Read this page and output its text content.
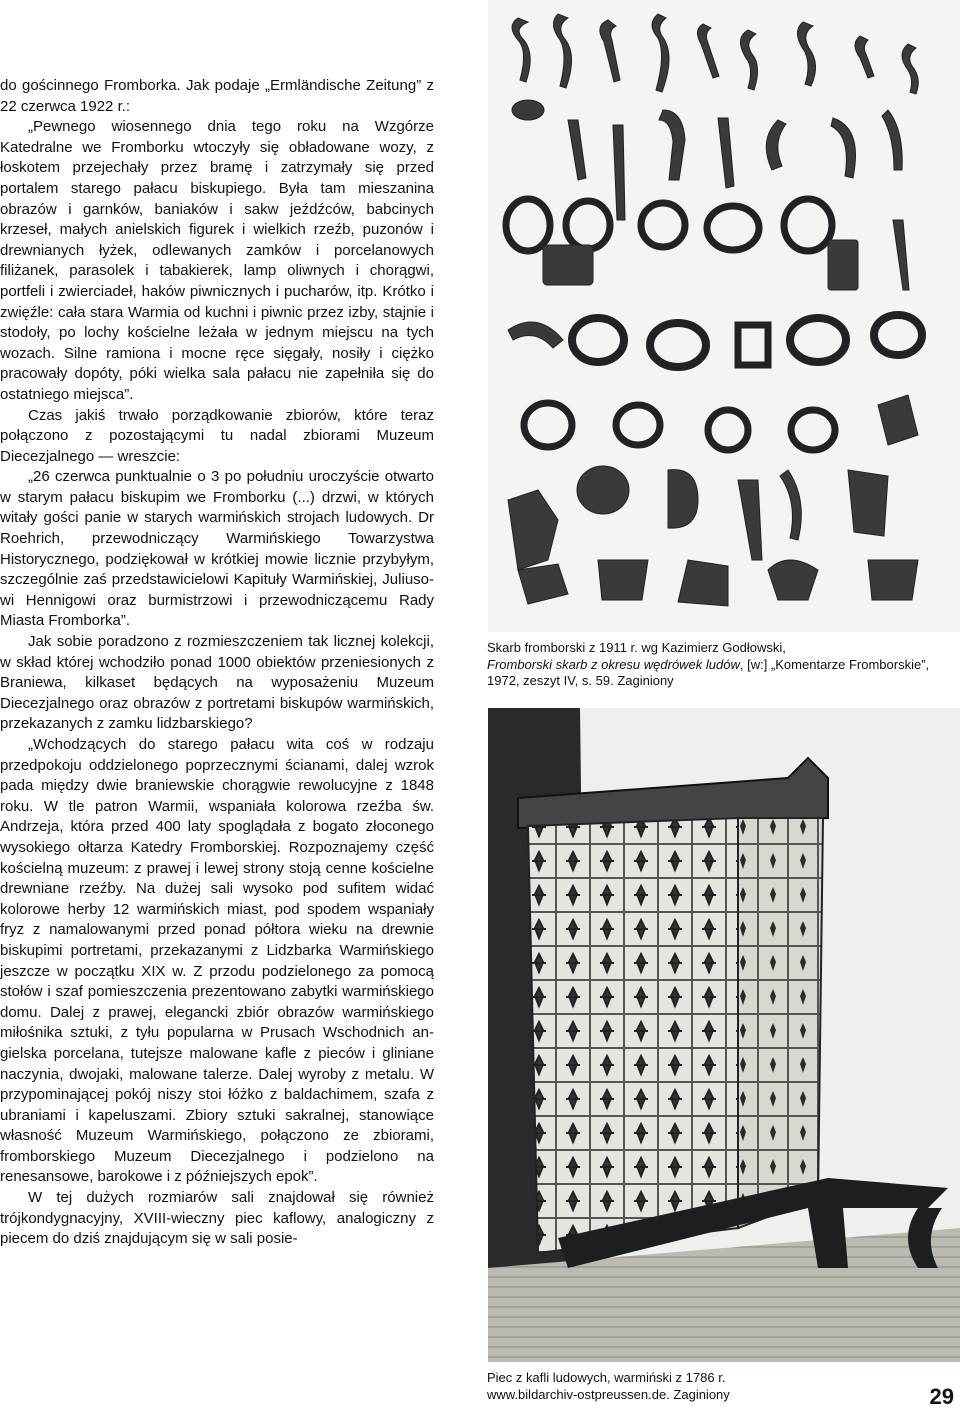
do gościnnego Fromborka. Jak podaje „Ermländische Zeitung” z 22 czerwca 1922 r.:

„Pewnego wiosennego dnia tego roku na Wzgórze Katedralne we Fromborku wtoczyły się obładowane wozy, z łoskotem przejechały przez bramę i zatrzymały się przed portalem starego pałacu biskupiego. Była tam mieszanina obrazów i garnków, baniaków i sakw jeźdźców, babcinych krzeseł, małych anielskich figurek i wielkich rzeźb, puzonów i drewnianych łyżek, odlewanych zamków i porcelanowych filiżanek, parasolek i tabakierek, lamp oliwnych i chorągwi, portfeli i zwierciadeł, haków piwnicznych i pucharów, itp. Krótko i zwięźle: cała stara Warmia od kuchni i piwnic przez izby, stajnie i stodoły, po lochy kościelne leżała w jednym miejscu na tych wozach. Silne ramiona i mocne ręce sięgały, nosiły i ciężko pracowały dopóty, póki wielka sala pałacu nie zapełniła się do ostatniego miejsca”.

Czas jakiś trwało porządkowanie zbiorów, które teraz połączono z pozostającymi tu nadal zbiorami Muzeum Diecezjalnego — wreszcie:

„26 czerwca punktualnie o 3 po południu uroczyście otwarto w starym pałacu biskupim we Fromborku (...) drzwi, w których witały gości panie w starych warmińskich strojach ludowych. Dr Roehrich, przewodniczący Warmińskiego Towarzystwa Historycznego, podziękował w krótkiej mowie licznie przybyłym, szczególnie zaś przedstawicielowi Kapituły Warmińskiej, Juliusowi Hennigowi oraz burmistrzowi i przewodniczącemu Rady Miasta Fromborka”.

Jak sobie poradzono z rozmieszczeniem tak licznej kolekcji, w skład której wchodziło ponad 1000 obiektów przeniesionych z Braniewa, kilkaset będących na wyposażeniu Muzeum Diecezjalnego oraz obrazów z portretami biskupów warmińskich, przekazanych z zamku lidzbarskiego?

„Wchodzących do starego pałacu wita coś w rodzaju przedpokoju oddzielonego poprzecznymi ścianami, dalej wzrok pada między dwie braniewskie chorągwie rewolucyjne z 1848 roku. W tle patron Warmii, wspaniała kolorowa rzeźba św. Andrzeja, która przed 400 laty spoglądała z bogato złoconego wysokiego ołtarza Katedry Fromborskiej. Rozpoznajemy część kościelną muzeum: z prawej i lewej strony stoją cenne kościelne drewniane rzeźby. Na dużej sali wysoko pod sufitem widać kolorowe herby 12 warmińskich miast, pod spodem wspaniały fryz z namalowanymi przed ponad półtora wieku na drewnie biskupimi portretami, przekazanymi z Lidzbarka Warmińskiego jeszcze w początku XIX w. Z przodu podzielonego za pomocą stołów i szaf pomieszczenia prezentowano zabytki warmińskiego domu. Dalej z prawej, elegancki zbiór obrazów warmińskiego miłośnika sztuki, z tyłu popularna w Prusach Wschodnich angielska porcelana, tutejsze malowane kafle z pieców i gliniane naczynia, dwojaki, malowane talerze. Dalej wyroby z metalu. W przypominającej pokój niszy stoi łóżko z baldachimem, szafa z ubraniami i kapeluszami. Zbiory sztuki sakralnej, stanowiące własność Muzeum Warmińskiego, połączono ze zbiorami, fromborskiego Muzeum Diecezjalnego i podzielono na renesansowe, barokowe i z późniejszych epok”.

W tej dużych rozmiarów sali znajdował się również trójkondygnacyjny, XVIII-wieczny piec kaflowy, analogiczny z piecem do dziś znajdującym się w sali posie-

Skarb fromborski z 1911 r. wg Kazimierz Godłowski,
Fromborski skarb z okresu wędrówek ludów, [w:] „Komentarze Fromborskie”, 1972, zeszyt IV, s. 59. Zaginiony
Piec z kafli ludowych, warmiński z 1786 r.
www.bildarchiv-ostpreussen.de. Zaginiony	29
